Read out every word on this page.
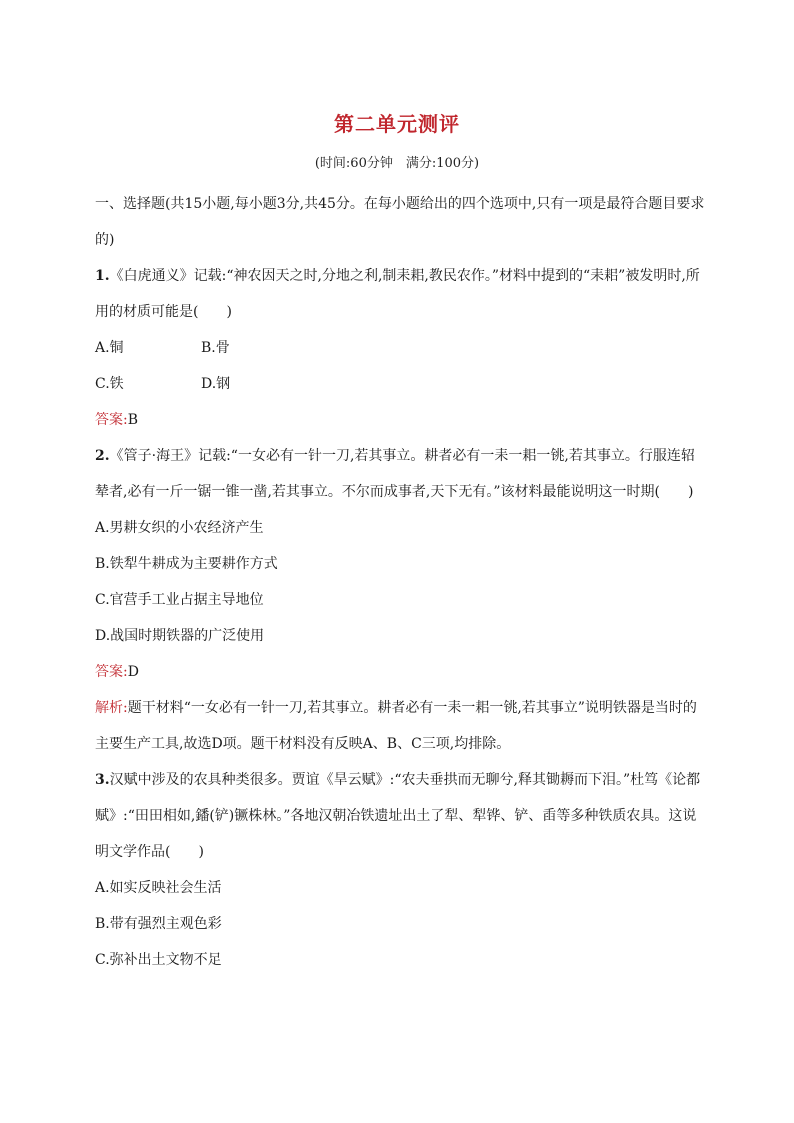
第二单元测评
(时间:60分钟　满分:100分)

一、选择题(共15小题,每小题3分,共45分。在每小题给出的四个选项中,只有一项是最符合题目要求的)

1.《白虎通义》记载:“神农因天之时,分地之利,制耒耜,教民农作。”材料中提到的“耒耜”被发明时,所用的材质可能是(　　)

A.铜	B.骨
C.铁	D.钢

答案:B

2.《管子·海王》记载:“一女必有一针一刀,若其事立。耕者必有一耒一耜一铫,若其事立。行服连轺辇者,必有一斤一锯一锥一凿,若其事立。不尔而成事者,天下无有。”该材料最能说明这一时期(　　)

A.男耕女织的小农经济产生

B.铁犁牛耕成为主要耕作方式

C.官营手工业占据主导地位

D.战国时期铁器的广泛使用

答案:D

解析:题干材料“一女必有一针一刀,若其事立。耕者必有一耒一耜一铫,若其事立”说明铁器是当时的主要生产工具,故选D项。题干材料没有反映A、B、C三项,均排除。

3.汉赋中涉及的农具种类很多。贾谊《旱云赋》:“农夫垂拱而无聊兮,释其锄耨而下泪。”杜笃《论都赋》:“田田相如,鐇(铲)镢株林。”各地汉朝冶铁遗址出土了犁、犁铧、铲、臿等多种铁质农具。这说明文学作品(　　)

A.如实反映社会生活

B.带有强烈主观色彩

C.弥补出土文物不足
